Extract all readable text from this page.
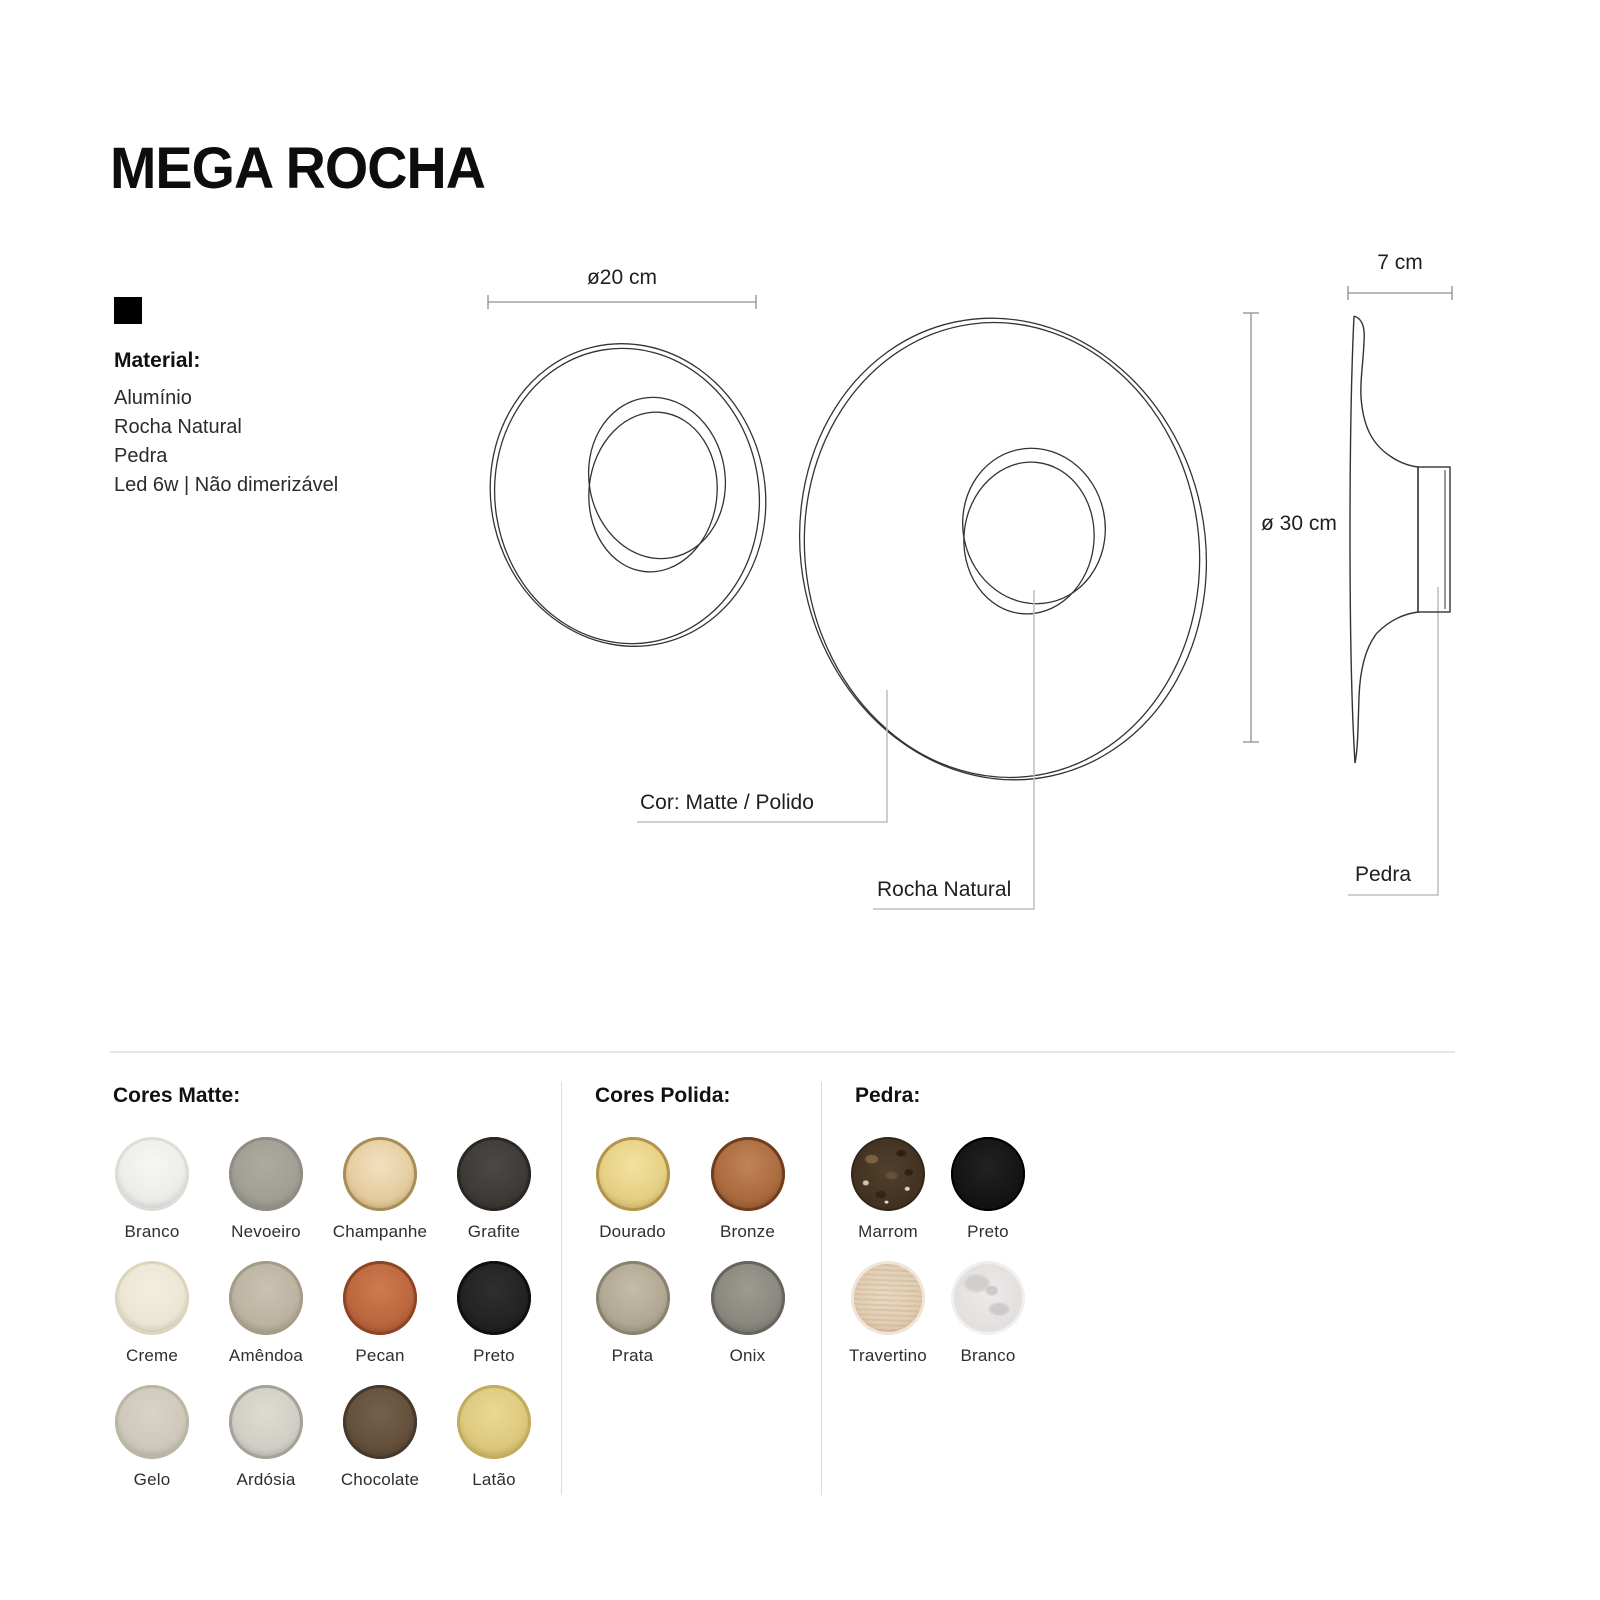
MEGA ROCHA
Material:
Alumínio
Rocha Natural
Pedra
Led 6w | Não dimerizável
ø20 cm
7 cm
ø 30 cm
Cor: Matte / Polido
Rocha Natural
Pedra
Cores Matte:	Cores Polida:	Pedra:
Branco	Nevoeiro Champanhe Grafite
Creme	Amêndoa	Pecan	Preto
Gelo	Ardósia	Chocolate	Latão
Dourado	Bronze
Prata	Onix
Marrom	Preto
Travertino Branco
